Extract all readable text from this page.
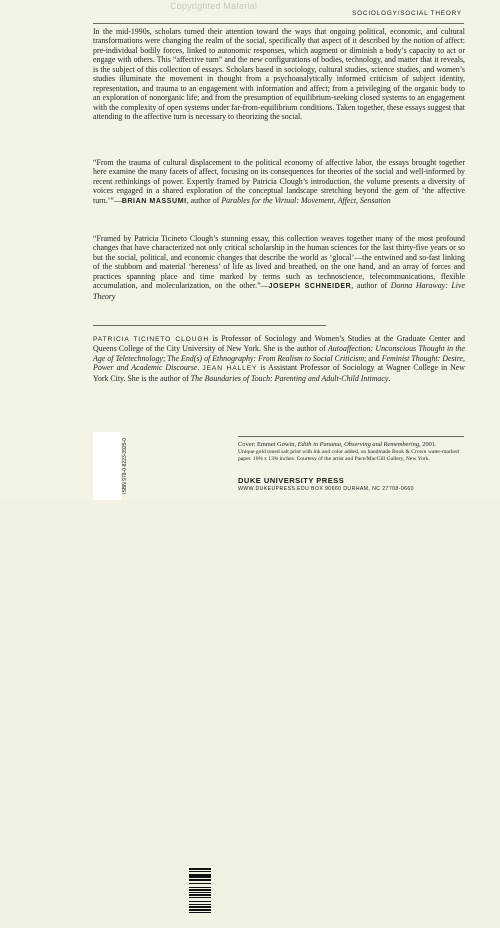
Copyrighted Material
SOCIOLOGY/SOCIAL THEORY
In the mid-1990s, scholars turned their attention toward the ways that ongoing political, economic, and cultural transformations were changing the realm of the social, specifically that aspect of it described by the notion of affect: pre-individual bodily forces, linked to autonomic responses, which augment or diminish a body’s capacity to act or engage with others. This “affective turn” and the new configurations of bodies, technology, and matter that it reveals, is the subject of this collection of essays. Scholars based in sociology, cultural studies, science studies, and women’s studies illuminate the movement in thought from a psychoanalytically informed criticism of subject identity, representation, and trauma to an engagement with information and affect; from a privileging of the organic body to an exploration of nonorganic life; and from the presumption of equilibrium-seeking closed systems to an engagement with the complexity of open systems under far-from-equilibrium conditions. Taken together, these essays suggest that attending to the affective turn is necessary to theorizing the social.
“From the trauma of cultural displacement to the political economy of affective labor, the essays brought together here examine the many facets of affect, focusing on its consequences for theories of the social and well-informed by recent rethinkings of power. Expertly framed by Patricia Clough’s introduction, the volume presents a diversity of voices engaged in a shared exploration of the conceptual landscape stretching beyond the gem of ‘the affective turn.’”—BRIAN MASSUMI, author of Parables for the Virtual: Movement, Affect, Sensation
“Framed by Patricia Ticineto Clough’s stunning essay, this collection weaves together many of the most profound changes that have characterized not only critical scholarship in the human sciences for the last thirty-five years or so but the social, political, and economic changes that describe the world as ‘glocal’—the entwined and so-fast linking of the stubborn and material ‘hereness’ of life as lived and breathed, on the one hand, and an array of forces and practices spanning place and time marked by terms such as technoscience, telecommunications, flexible accumulation, and molecularization, on the other.”—JOSEPH SCHNEIDER, author of Donna Haraway: Live Theory
PATRICIA TICINETO CLOUGH is Professor of Sociology and Women’s Studies at the Graduate Center and Queens College of the City University of New York. She is the author of Autoaffection: Unconscious Thought in the Age of Teletechnology; The End(s) of Ethnography: From Realism to Social Criticism; and Feminist Thought: Desire, Power and Academic Discourse. JEAN HALLEY is Assistant Professor of Sociology at Wagner College in New York City. She is the author of The Boundaries of Touch: Parenting and Adult-Child Intimacy.
ISBN 978-0-8223-3925-0	Cover: Emmet Gowin, Edith in Panama, Observing and Remembering, 2001.
Unique gold toned salt print with ink and color added, on handmade Book & Crown water-marked paper. 10⅝ x 13⅜ inches. Courtesy of the artist and Pace/MacGill Gallery, New York.
DUKE UNIVERSITY PRESS
WWW.DUKEUPRESS.EDU BOX 90660 DURHAM, NC 27708-0660
